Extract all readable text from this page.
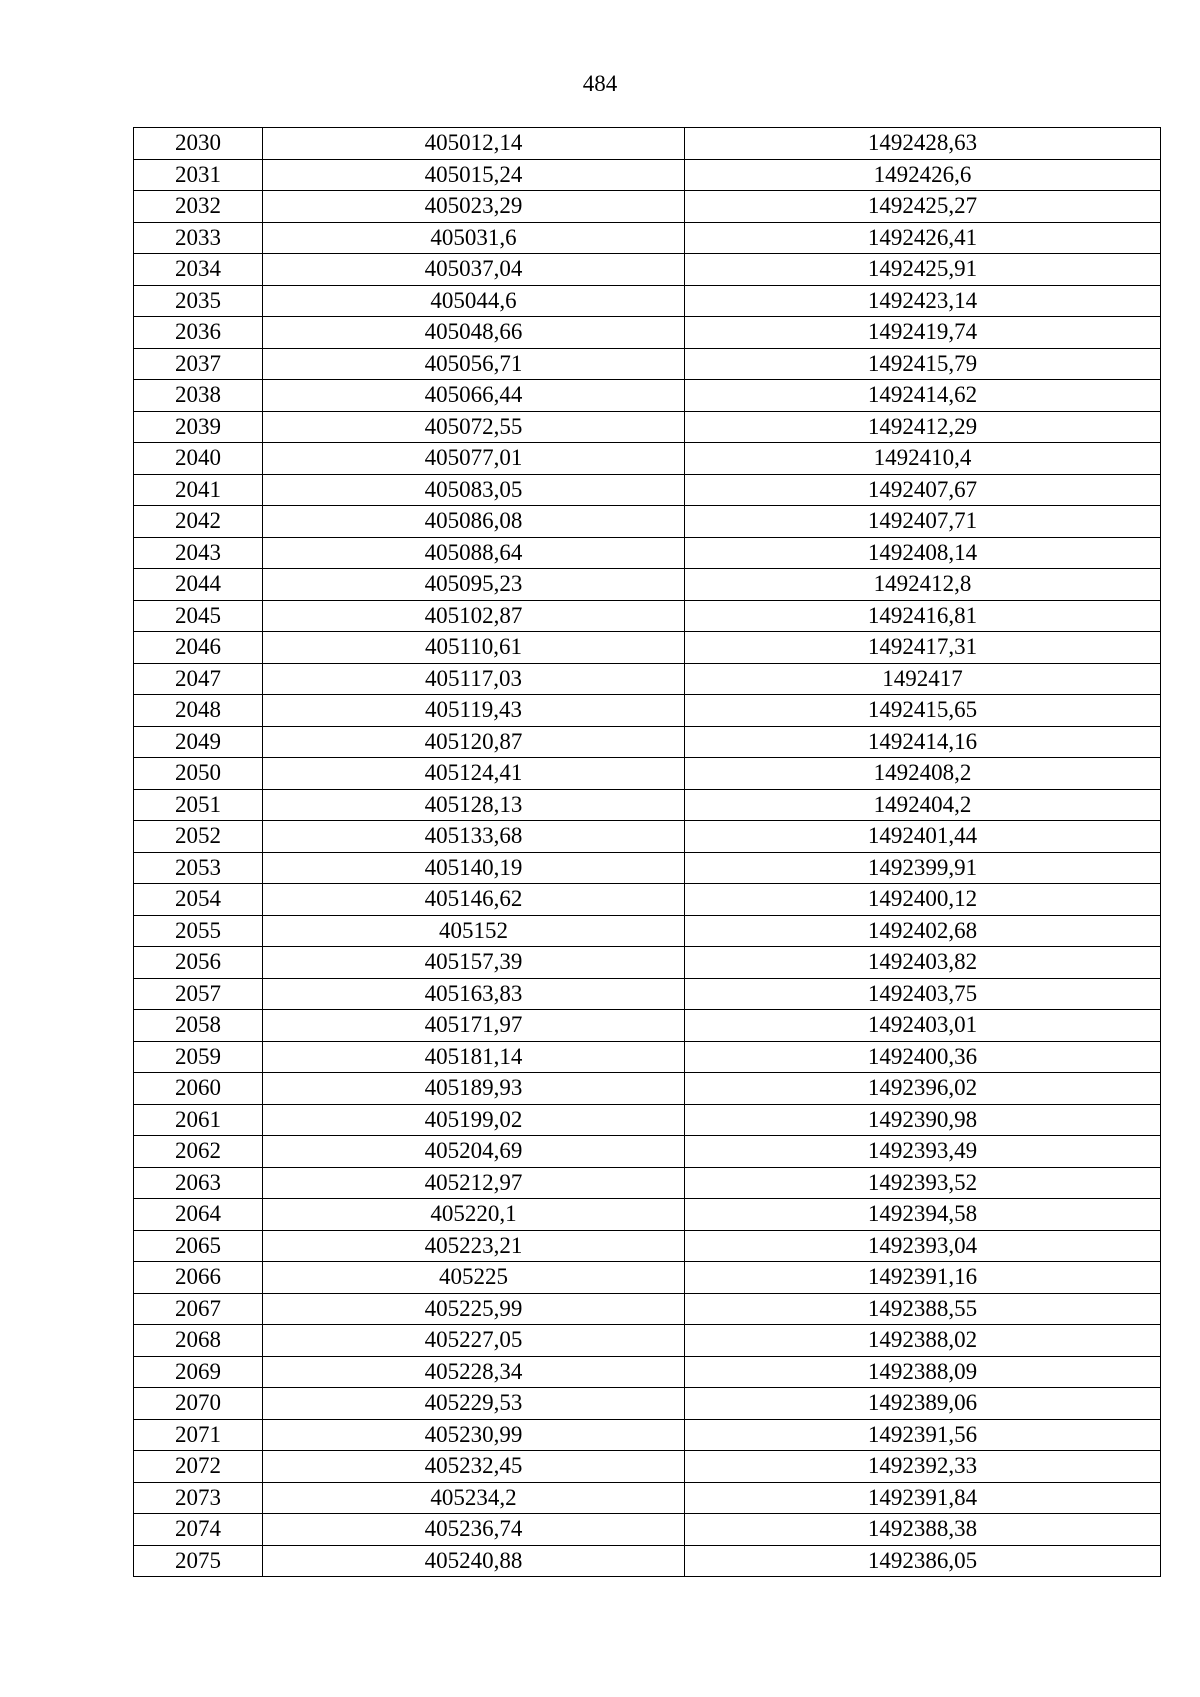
484
2030	405012,14	1492428,63
2031	405015,24	1492426,6
2032	405023,29	1492425,27
2033	405031,6	1492426,41
2034	405037,04	1492425,91
2035	405044,6	1492423,14
2036	405048,66	1492419,74
2037	405056,71	1492415,79
2038	405066,44	1492414,62
2039	405072,55	1492412,29
2040	405077,01	1492410,4
2041	405083,05	1492407,67
2042	405086,08	1492407,71
2043	405088,64	1492408,14
2044	405095,23	1492412,8
2045	405102,87	1492416,81
2046	405110,61	1492417,31
2047	405117,03	1492417
2048	405119,43	1492415,65
2049	405120,87	1492414,16
2050	405124,41	1492408,2
2051	405128,13	1492404,2
2052	405133,68	1492401,44
2053	405140,19	1492399,91
2054	405146,62	1492400,12
2055	405152	1492402,68
2056	405157,39	1492403,82
2057	405163,83	1492403,75
2058	405171,97	1492403,01
2059	405181,14	1492400,36
2060	405189,93	1492396,02
2061	405199,02	1492390,98
2062	405204,69	1492393,49
2063	405212,97	1492393,52
2064	405220,1	1492394,58
2065	405223,21	1492393,04
2066	405225	1492391,16
2067	405225,99	1492388,55
2068	405227,05	1492388,02
2069	405228,34	1492388,09
2070	405229,53	1492389,06
2071	405230,99	1492391,56
2072	405232,45	1492392,33
2073	405234,2	1492391,84
2074	405236,74	1492388,38
2075	405240,88	1492386,05
